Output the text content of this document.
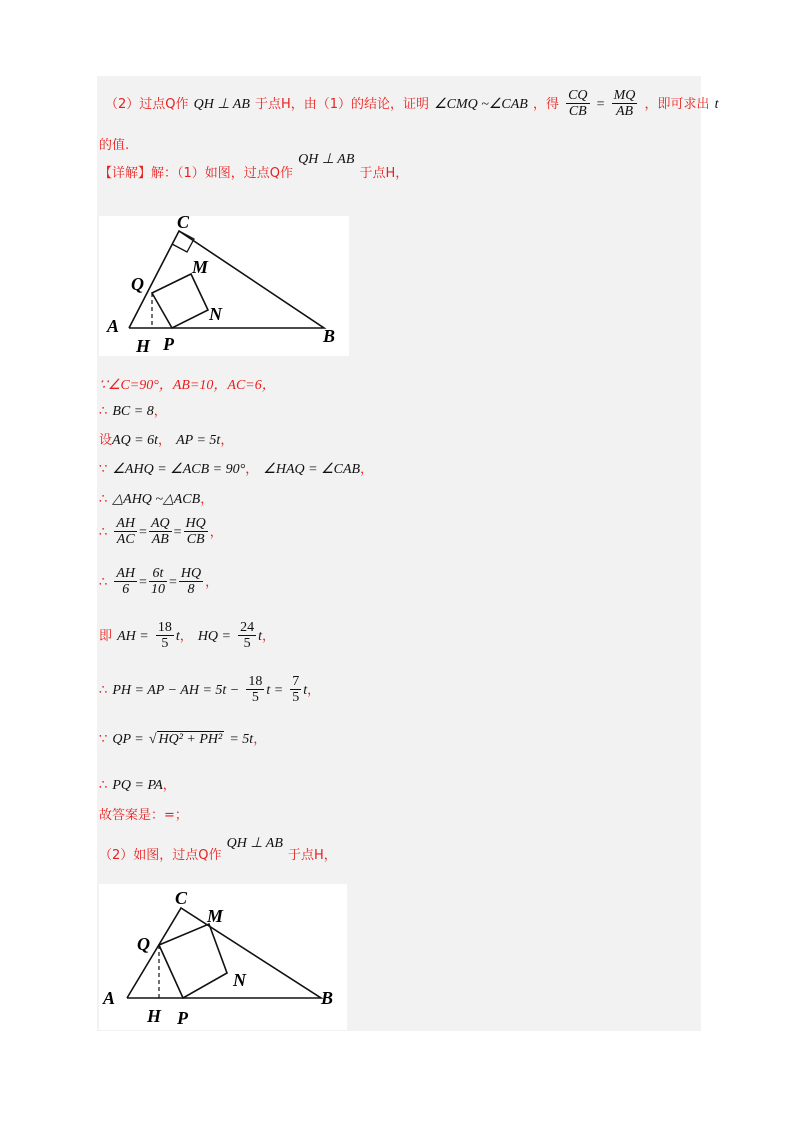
（2）过点Q作 QH ⊥ AB 于点H，由（1）的结论，证明 ∠CMQ ~∠CAB ，得 $\frac{CQ}{CB} = \frac{MQ}{AB}$ ，即可求出 t
的值.
【详解】解：（1）如图，过点Q作 QH ⊥ AB 于点H，
C
M
Q
N
A	B
H P
∵∠C=90°，AB=10，AC=6，
∴ BC = 8，
设AQ = 6t， AP = 5t，
∵ ∠AHQ = ∠ACB = 90°， ∠HAQ = ∠CAB，
∴ △AHQ ~△ACB，
∴ $\frac{AH}{AC} = \frac{AQ}{AB} = \frac{HQ}{CB}$ ，
∴ $\frac{AH}{6} = \frac{6t}{10} = \frac{HQ}{8}$ ，
即 AH = $\frac{18}{5}$ t， HQ = $\frac{24}{5}$ t，
∴ PH = AP − AH = $5t - \frac{18}{5}$ $t = \frac{7}{5}$ t，
∵ QP = √ HQ² + PH² = 5t，
∴ PQ = PA，
故答案是：=；
（2）如图，过点Q作 QH ⊥ AB 于点H，
C
M
Q
N
A	B
H P
